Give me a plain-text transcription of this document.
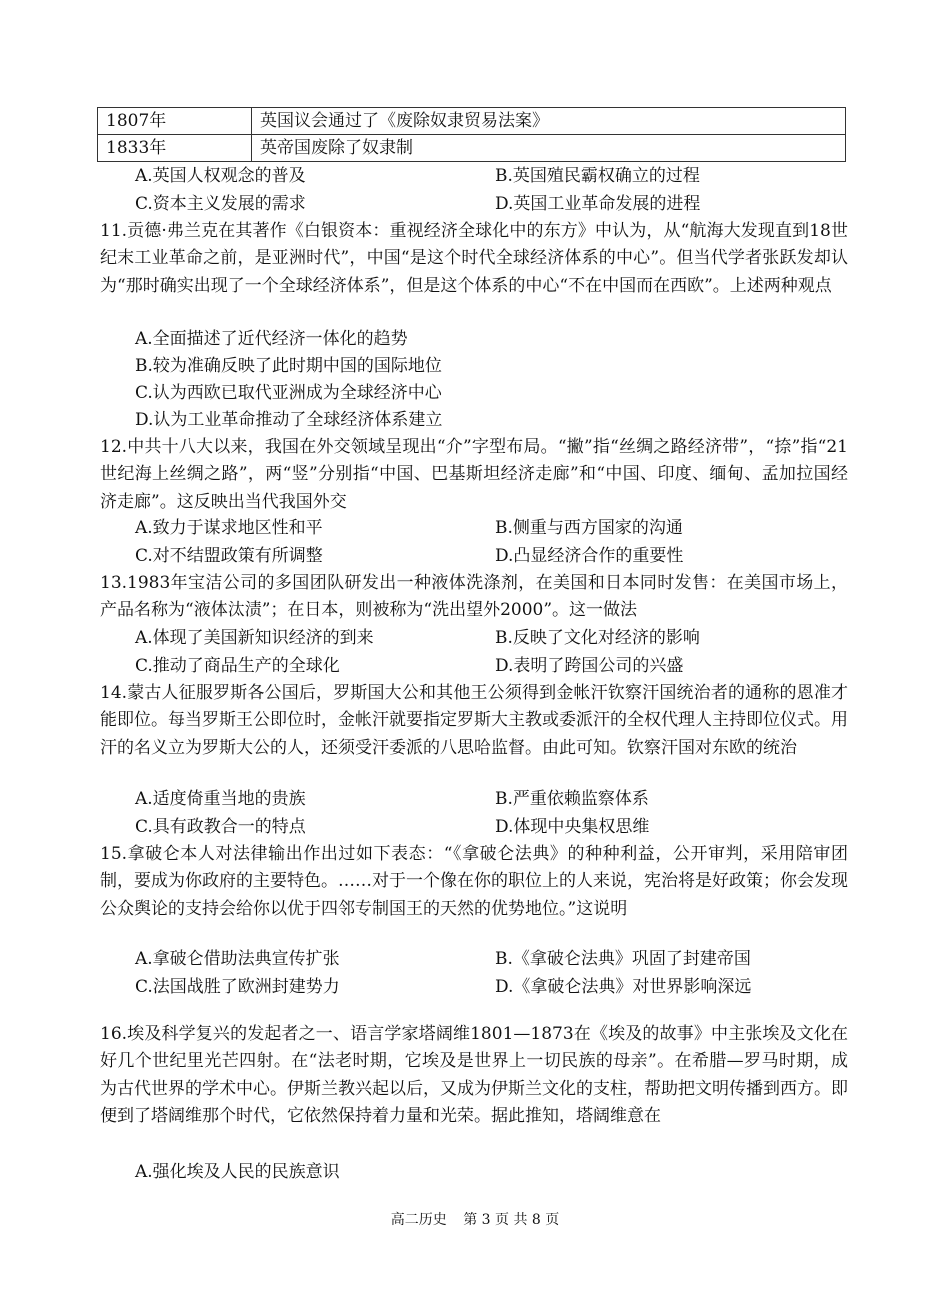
1807年	英国议会通过了《废除奴隶贸易法案》
1833年	英帝国废除了奴隶制
A.英国人权观念的普及	B.英国殖民霸权确立的过程
C.资本主义发展的需求	D.英国工业革命发展的进程
11.贡德·弗兰克在其著作《白银资本：重视经济全球化中的东方》中认为，从“航海大发现直到18世纪末工业革命之前，是亚洲时代”，中国“是这个时代全球经济体系的中心”。但当代学者张跃发却认为“那时确实出现了一个全球经济体系”，但是这个体系的中心“不在中国而在西欧”。上述两种观点
A.全面描述了近代经济一体化的趋势
B.较为准确反映了此时期中国的国际地位
C.认为西欧已取代亚洲成为全球经济中心
D.认为工业革命推动了全球经济体系建立
12.中共十八大以来，我国在外交领域呈现出“介”字型布局。“撇”指“丝绸之路经济带”，“捺”指“21世纪海上丝绸之路”，两“竖”分别指“中国、巴基斯坦经济走廊”和“中国、印度、缅甸、孟加拉国经济走廊”。这反映出当代我国外交
A.致力于谋求地区性和平	B.侧重与西方国家的沟通
C.对不结盟政策有所调整	D.凸显经济合作的重要性
13.1983年宝洁公司的多国团队研发出一种液体洗涤剂，在美国和日本同时发售：在美国市场上，产品名称为“液体汰渍”；在日本，则被称为“洗出望外2000”。这一做法
A.体现了美国新知识经济的到来	B.反映了文化对经济的影响
C.推动了商品生产的全球化	D.表明了跨国公司的兴盛
14.蒙古人征服罗斯各公国后，罗斯国大公和其他王公须得到金帐汗钦察汗国统治者的通称的恩准才能即位。每当罗斯王公即位时，金帐汗就要指定罗斯大主教或委派汗的全权代理人主持即位仪式。用汗的名义立为罗斯大公的人，还须受汗委派的八思哈监督。由此可知。钦察汗国对东欧的统治
A.适度倚重当地的贵族	B.严重依赖监察体系
C.具有政教合一的特点	D.体现中央集权思维
15.拿破仑本人对法律输出作出过如下表态：“《拿破仑法典》的种种利益，公开审判，采用陪审团制，要成为你政府的主要特色。……对于一个像在你的职位上的人来说，宪治将是好政策；你会发现公众舆论的支持会给你以优于四邻专制国王的天然的优势地位。”这说明
A.拿破仑借助法典宣传扩张	B.《拿破仑法典》巩固了封建帝国
C.法国战胜了欧洲封建势力	D.《拿破仑法典》对世界影响深远
16.埃及科学复兴的发起者之一、语言学家塔阔维1801—1873在《埃及的故事》中主张埃及文化在好几个世纪里光芒四射。在“法老时期，它埃及是世界上一切民族的母亲”。在希腊—罗马时期，成为古代世界的学术中心。伊斯兰教兴起以后，又成为伊斯兰文化的支柱，帮助把文明传播到西方。即便到了塔阔维那个时代，它依然保持着力量和光荣。据此推知，塔阔维意在
A.强化埃及人民的民族意识
高二历史 第 3 页 共 8 页
